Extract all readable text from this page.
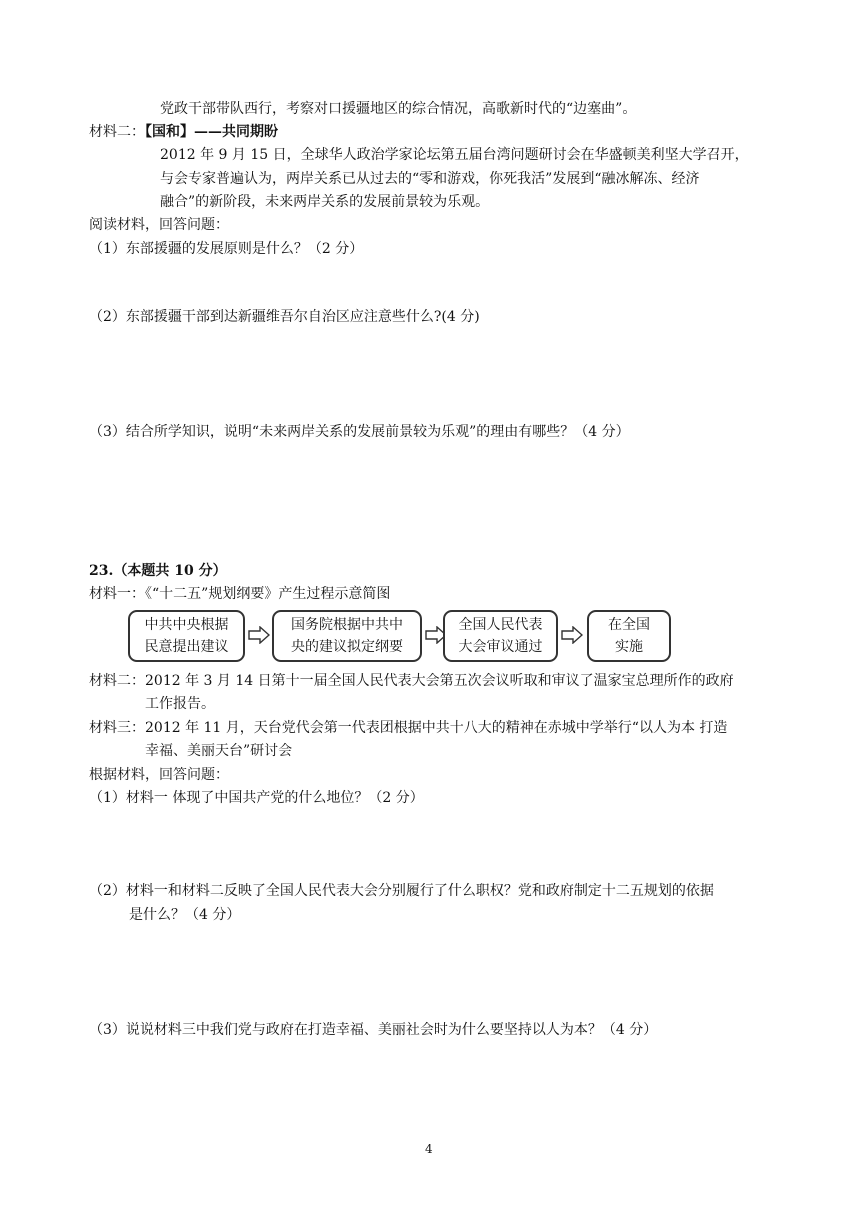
党政干部带队西行，考察对口援疆地区的综合情况，高歌新时代的“边塞曲”。
材料二：【国和】——共同期盼
2012 年 9 月 15 日，全球华人政治学家论坛第五届台湾问题研讨会在华盛顿美利坚大学召开，
与会专家普遍认为，两岸关系已从过去的“零和游戏，你死我活”发展到“融冰解冻、经济
融合”的新阶段，未来两岸关系的发展前景较为乐观。
阅读材料，回答问题：
（1）东部援疆的发展原则是什么？（2 分）
（2）东部援疆干部到达新疆维吾尔自治区应注意些什么?(4 分)
（3）结合所学知识，说明“未来两岸关系的发展前景较为乐观”的理由有哪些？（4 分）
23.（本题共 10 分）
材料一：《“十二五”规划纲要》产生过程示意简图
中共中央根据
民意提出建议
国务院根据中共中
央的建议拟定纲要
全国人民代表
大会审议通过
在全国
实施
材料二：2012 年 3 月 14 日第十一届全国人民代表大会第五次会议听取和审议了温家宝总理所作的政府
工作报告。
材料三：2012 年 11 月，天台党代会第一代表团根据中共十八大的精神在赤城中学举行“以人为本 打造
幸福、美丽天台”研讨会
根据材料，回答问题：
（1）材料一 体现了中国共产党的什么地位？（2 分）
（2）材料一和材料二反映了全国人民代表大会分别履行了什么职权？党和政府制定十二五规划的依据
是什么？（4 分）
（3）说说材料三中我们党与政府在打造幸福、美丽社会时为什么要坚持以人为本？（4 分）
4
